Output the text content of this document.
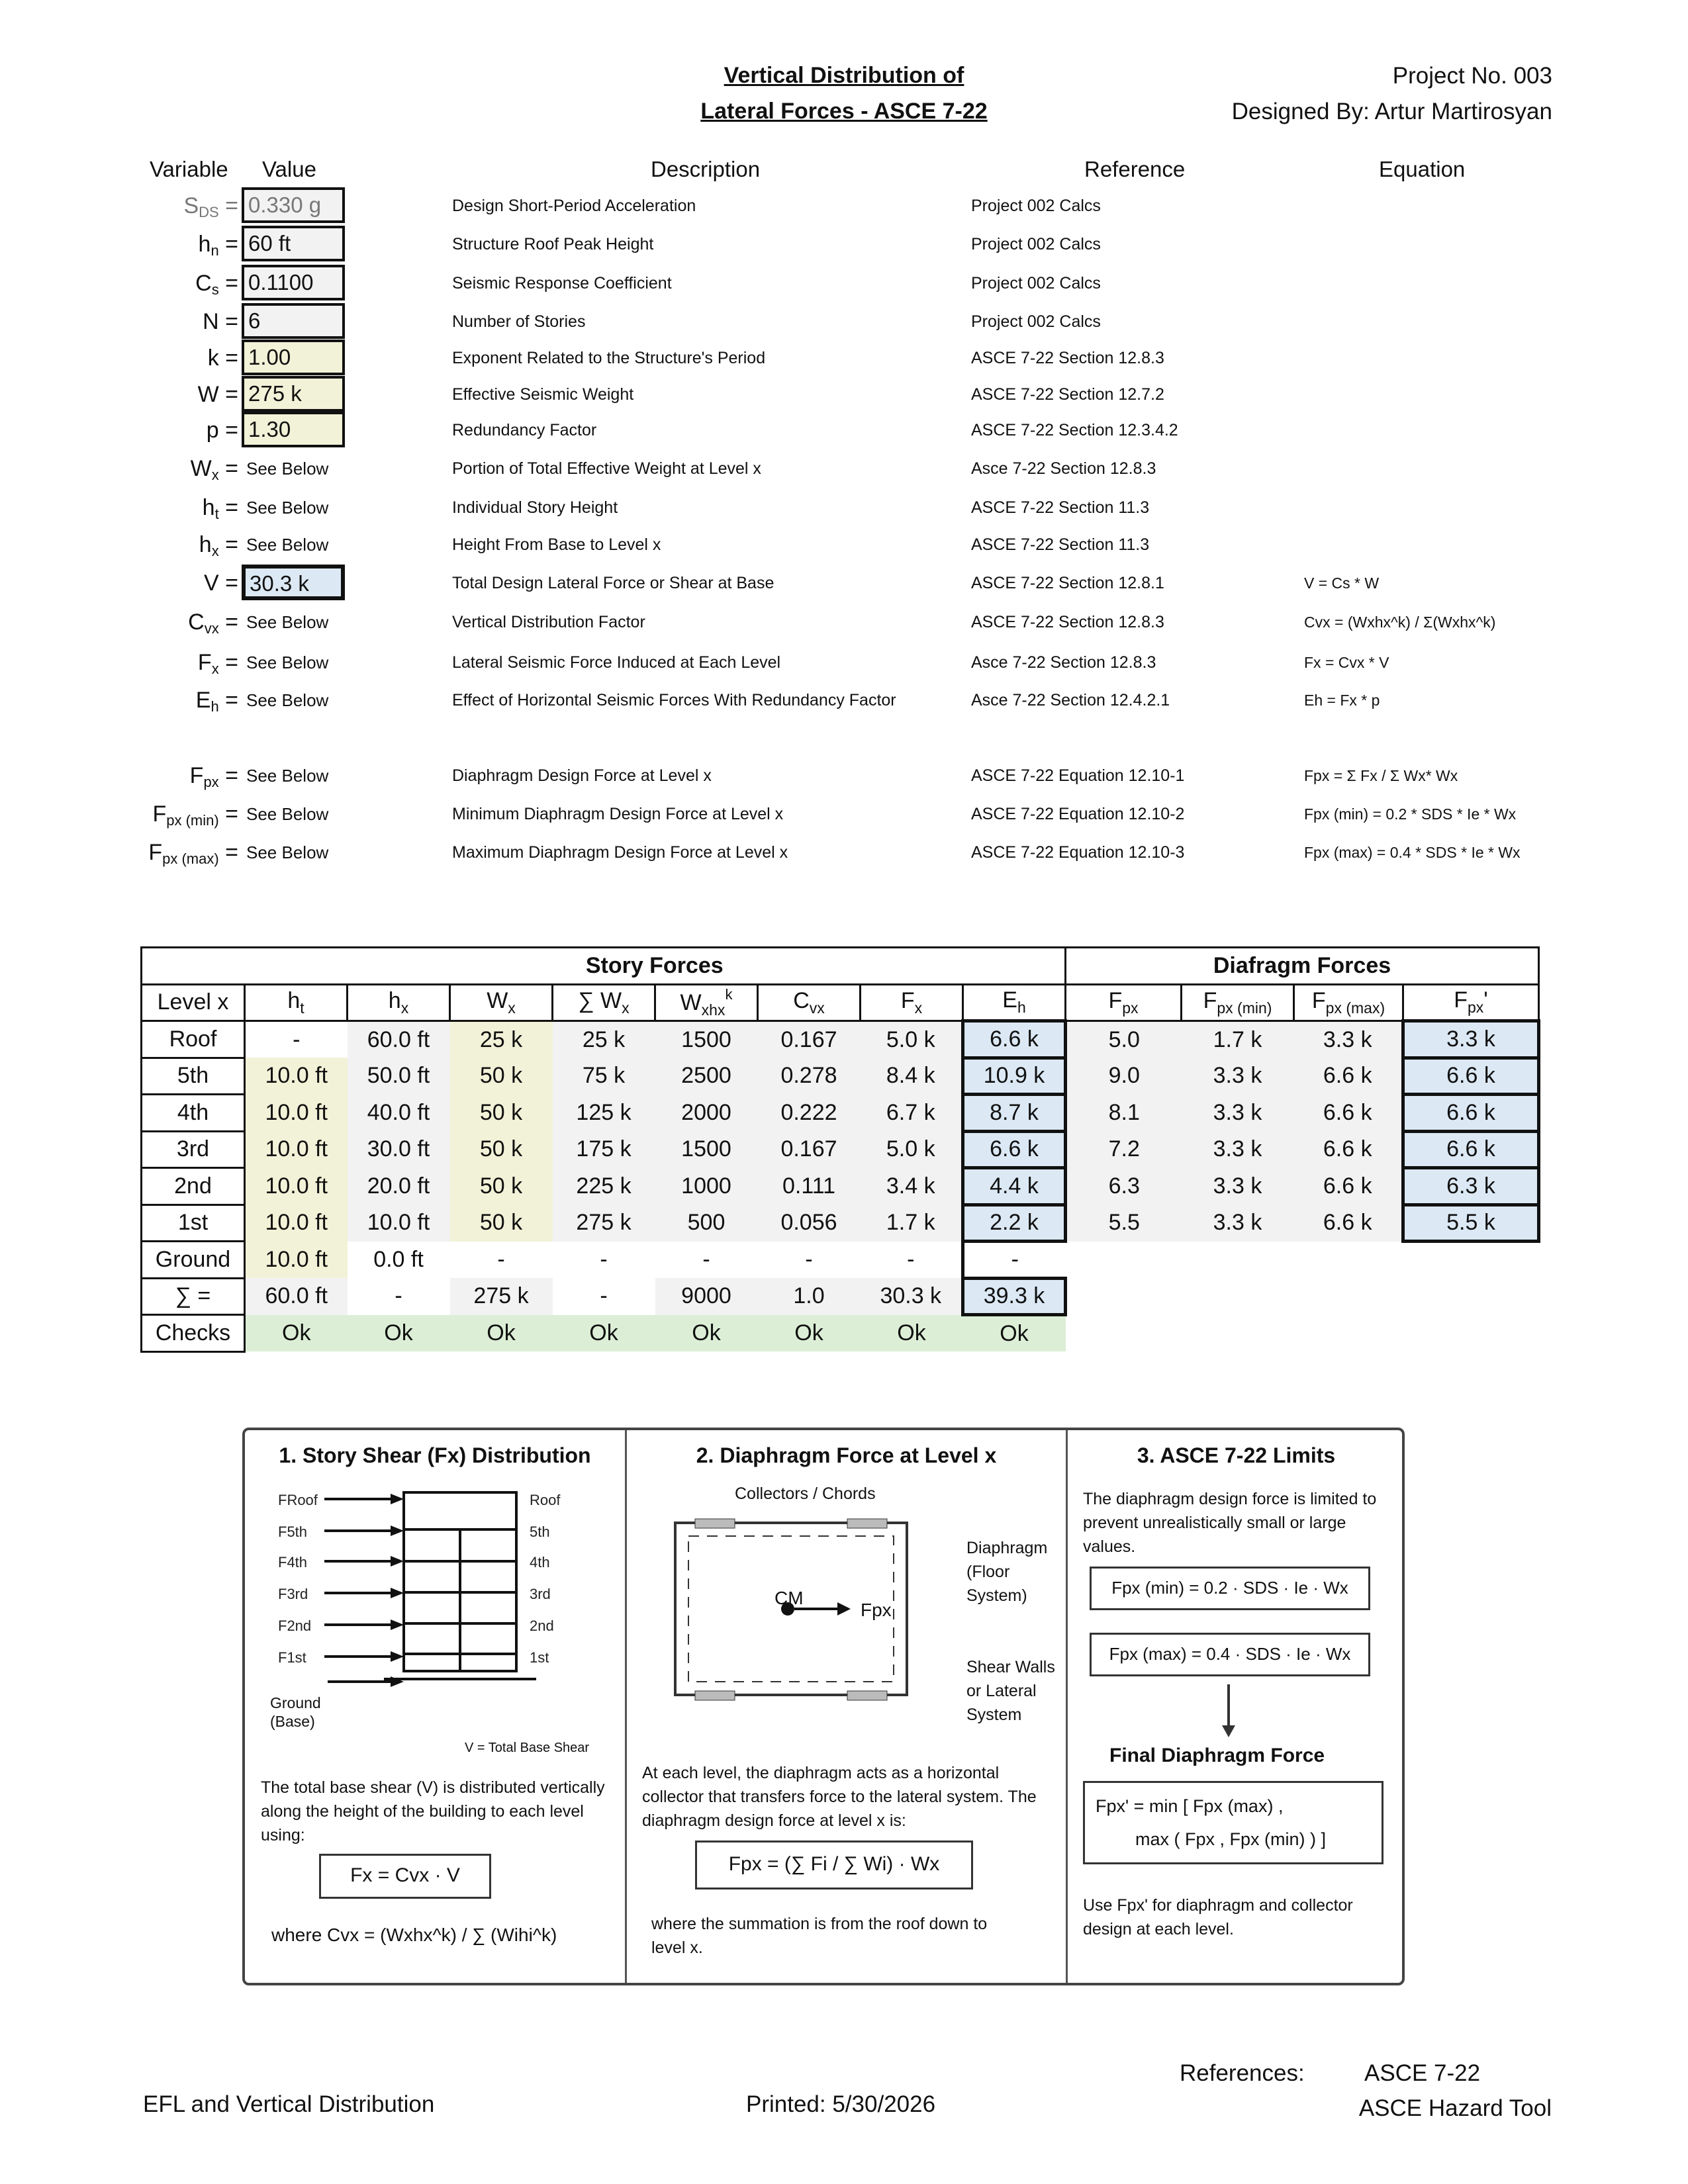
Vertical Distribution of
Lateral Forces - ASCE 7-22
Project No. 003
Designed By: Artur Martirosyan
Variable Value	Description	Reference	Equation
$S_{DS} = 0.330$ g	Design Short-Period Acceleration	Project 002 Calcs
$h_n = 60$ ft	Structure Roof Peak Height	Project 002 Calcs
$C_s = 0.1100$	Seismic Response Coefficient	Project 002 Calcs
N = 6	Number of Stories	Project 002 Calcs
k = 1.00	Exponent Related to the Structure's Period	ASCE 7-22 Section 12.8.3
W = 275 k	Effective Seismic Weight	ASCE 7-22 Section 12.7.2
p = 1.30	Redundancy Factor	ASCE 7-22 Section 12.3.4.2
$W_x$ = See Below	Portion of Total Effective Weight at Level x	Asce 7-22 Section 12.8.3
$h_t$ = See Below	Individual Story Height	ASCE 7-22 Section 11.3
$h_x$ = See Below	Height From Base to Level x	ASCE 7-22 Section 11.3
V = 30.3 k	Total Design Lateral Force or Shear at Base	ASCE 7-22 Section 12.8.1	V = Cs * W
$C_{vx}$ = See Below	Vertical Distribution Factor	ASCE 7-22 Section 12.8.3	Cvx = (Wxhx^k) / Σ(Wxhx^k)
$F_x$ = See Below	Lateral Seismic Force Induced at Each Level	Asce 7-22 Section 12.8.3	Fx = Cvx * V
$E_h$ = See Below	Effect of Horizontal Seismic Forces With Redundancy Factor	Asce 7-22 Section 12.4.2.1	Eh = Fx * p
$F_{px}$ = See Below	Diaphragm Design Force at Level x	ASCE 7-22 Equation 12.10-1	Fpx = Σ Fx / Σ Wx* Wx
$F_{px (min)}$ = See Below	Minimum Diaphragm Design Force at Level x	ASCE 7-22 Equation 12.10-2	Fpx (min) = 0.2 * SDS * Ie * Wx
$F_{px (max)}$ = See Below	Maximum Diaphragm Design Force at Level x	ASCE 7-22 Equation 12.10-3	Fpx (max) = 0.4 * SDS * Ie * Wx
	Story Forces								Diafragm Forces			
Level x	$h_t$	$h_x$	$W_x$	∑ $W_x$	$W_{xhx}^k$	$C_{vx}$	$F_x$	$E_h$	$F_{px}$	$F_{px (min)}$	$F_{px (max)}$	$F_{px}'$
Roof	-	60.0 ft	25 k	25 k	1500	0.167	5.0 k	6.6 k	5.0	1.7 k	3.3 k	3.3 k
5th	10.0 ft	50.0 ft	50 k	75 k	2500	0.278	8.4 k	10.9 k	9.0	3.3 k	6.6 k	6.6 k
4th	10.0 ft	40.0 ft	50 k	125 k	2000	0.222	6.7 k	8.7 k	8.1	3.3 k	6.6 k	6.6 k
3rd	10.0 ft	30.0 ft	50 k	175 k	1500	0.167	5.0 k	6.6 k	7.2	3.3 k	6.6 k	6.6 k
2nd	10.0 ft	20.0 ft	50 k	225 k	1000	0.111	3.4 k	4.4 k	6.3	3.3 k	6.6 k	6.3 k
1st	10.0 ft	10.0 ft	50 k	275 k	500	0.056	1.7 k	2.2 k	5.5	3.3 k	6.6 k	5.5 k
Ground	10.0 ft	0.0 ft	-	-	-	-	-	-				
∑ =	60.0 ft	-	275 k	-	9000	1.0	30.3 k	39.3 k				
Checks	Ok	Ok	Ok	Ok	Ok	Ok	Ok	Ok				
1. Story Shear (Fx) Distribution
FRoof
F5th
F4th
F3rd
F2nd
F1st
Roof
5th
4th
3rd
2nd
1st
Ground (Base)
V = Total Base Shear
The total base shear (V) is distributed vertically along the height of the building to each level using:
Fx = Cvx · V
where Cvx = (Wxhx^k) / ∑ (Wihi^k)
2. Diaphragm Force at Level x
Collectors / Chords
CM
Fpx
Diaphragm (Floor System)
Shear Walls or Lateral System
At each level, the diaphragm acts as a horizontal collector that transfers force to the lateral system. The diaphragm design force at level x is:
Fpx = (∑ Fi / ∑ Wi) · Wx
where the summation is from the roof down to level x.
3. ASCE 7-22 Limits
The diaphragm design force is limited to prevent unrealistically small or large values.
Fpx (min) = 0.2 · SDS · Ie · Wx
Fpx (max) = 0.4 · SDS · Ie · Wx
Final Diaphragm Force
Fpx' = min [ Fpx (max) ,
max ( Fpx , Fpx (min) ) ]
Use Fpx' for diaphragm and collector design at each level.
References:	ASCE 7-22
ASCE Hazard Tool
EFL and Vertical Distribution	Printed: 5/30/2026
